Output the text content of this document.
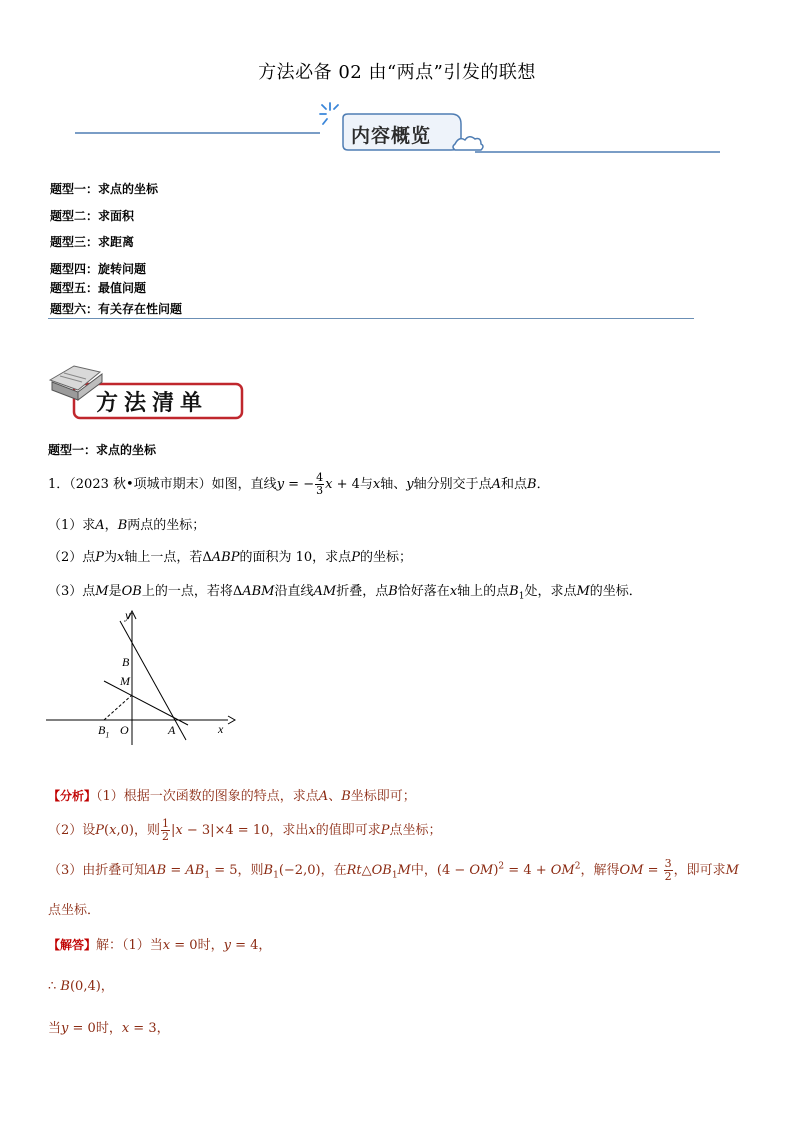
方法必备 02 由“两点”引发的联想
内容概览
题型一：求点的坐标
题型二：求面积
题型三：求距离
题型四：旋转问题
题型五：最值问题
题型六：有关存在性问题
方法清单
题型一：求点的坐标
1．（2023 秋•项城市期末）如图，直线y = − $\frac{4}{3}$ x + 4与x轴、y轴分别交于点A和点B．
（1）求A，B两点的坐标；
（2）点P为x轴上一点，若ΔABP的面积为 10，求点P的坐标；
（3）点M是OB上的一点，若将ΔABM沿直线AM折叠，点B恰好落在x轴上的点$B_1$处，求点M的坐标．
y
x
B
M
$B_1$ O	A
【分析】（1）根据一次函数的图象的特点，求点A、B坐标即可；
（2）设P(x,0)，则 $\frac{1}{2} |x - 3|\times 4 = 10$，求出x的值即可求P点坐标；
（3）由折叠可知AB = $AB_1 = 5$，则$B_1(-2,0)$，在$Rt\triangle OB_1M$中，$(4 - OM)^2 = 4 + OM^2$，解得OM = $\frac{3}{2}$ ，即可求M
点坐标．
【解答】解：（1）当x = 0时，y = 4，
∴ B(0,4)，
当y = 0时，x = 3，
